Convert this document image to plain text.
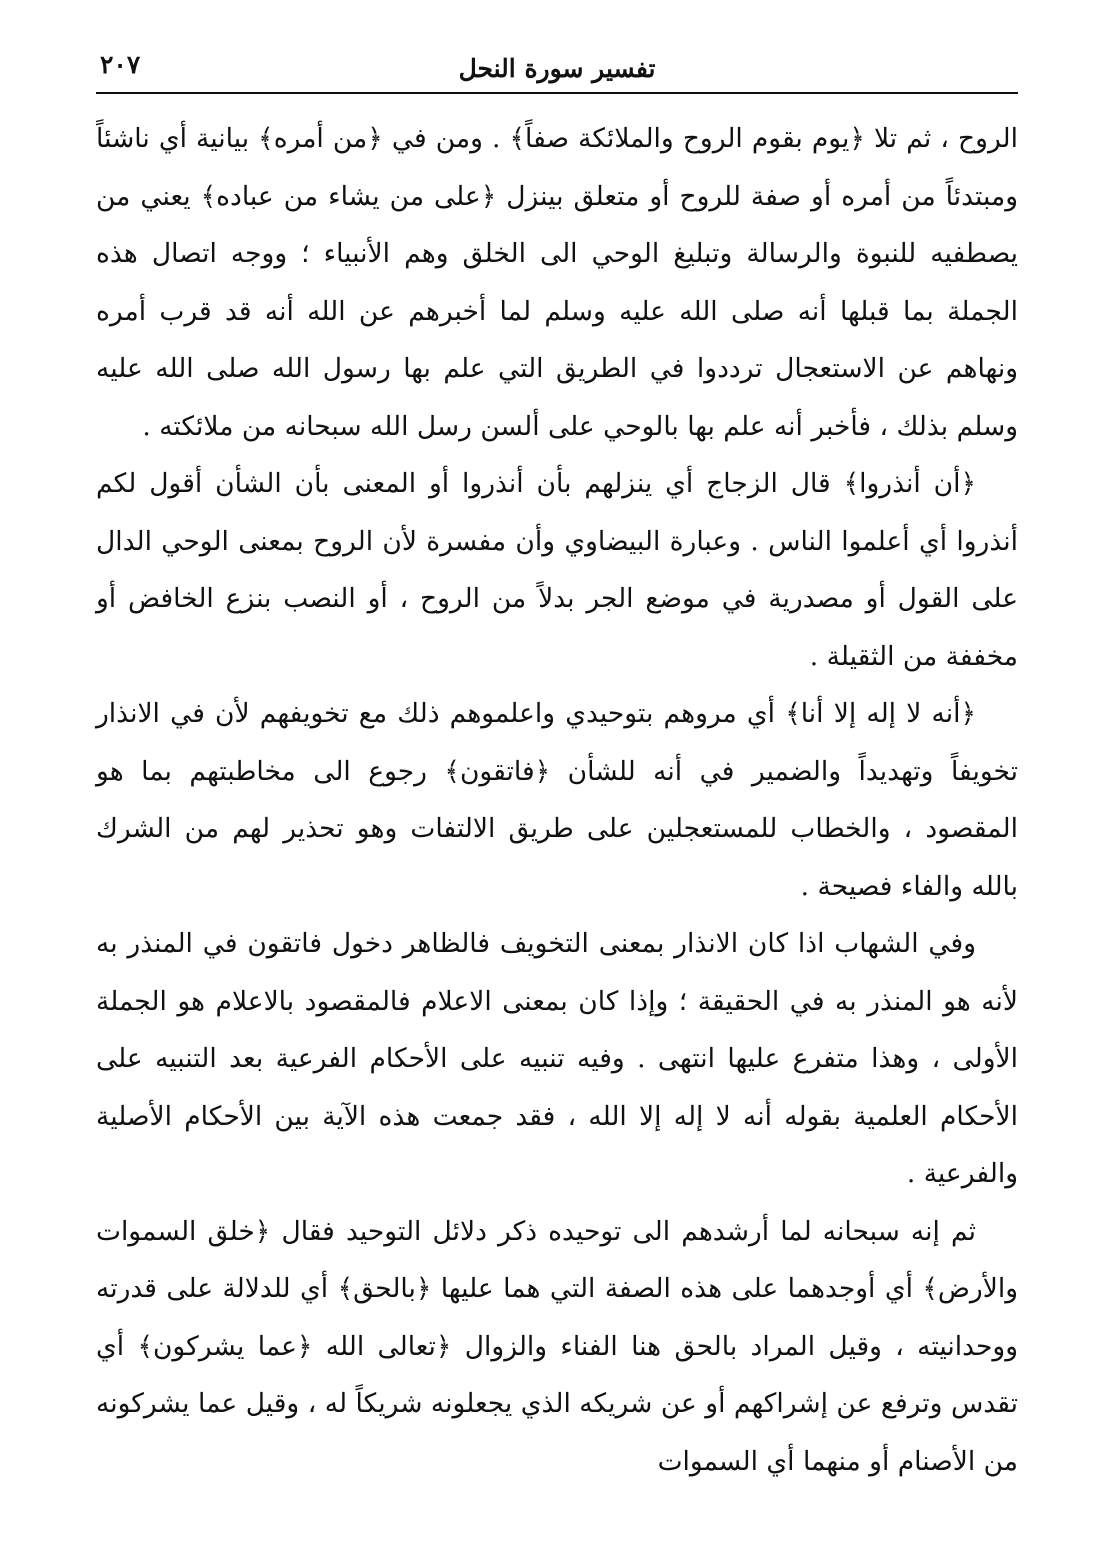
تفسير سورة النحل
٢٠٧

الروح ، ثم تلا ﴿يوم بقوم الروح والملائكة صفاً﴾ . ومن في ﴿من أمره﴾ بيانية أي ناشئاً ومبتدئاً من أمره أو صفة للروح أو متعلق بينزل ﴿على من يشاء من عباده﴾ يعني من يصطفيه للنبوة والرسالة وتبليغ الوحي الى الخلق وهم الأنبياء ؛ ووجه اتصال هذه الجملة بما قبلها أنه صلى الله عليه وسلم لما أخبرهم عن الله أنه قد قرب أمره ونهاهم عن الاستعجال ترددوا في الطريق التي علم بها رسول الله صلى الله عليه وسلم بذلك ، فأخبر أنه علم بها بالوحي على ألسن رسل الله سبحانه من ملائكته .

﴿أن أنذروا﴾ قال الزجاج أي ينزلهم بأن أنذروا أو المعنى بأن الشأن أقول لكم أنذروا أي أعلموا الناس . وعبارة البيضاوي وأن مفسرة لأن الروح بمعنى الوحي الدال على القول أو مصدرية في موضع الجر بدلاً من الروح ، أو النصب بنزع الخافض أو مخففة من الثقيلة .

﴿أنه لا إله إلا أنا﴾ أي مروهم بتوحيدي واعلموهم ذلك مع تخويفهم لأن في الانذار تخويفاً وتهديداً والضمير في أنه للشأن ﴿فاتقون﴾ رجوع الى مخاطبتهم بما هو المقصود ، والخطاب للمستعجلين على طريق الالتفات وهو تحذير لهم من الشرك بالله والفاء فصيحة .

وفي الشهاب اذا كان الانذار بمعنى التخويف فالظاهر دخول فاتقون في المنذر به لأنه هو المنذر به في الحقيقة ؛ وإذا كان بمعنى الاعلام فالمقصود بالاعلام هو الجملة الأولى ، وهذا متفرع عليها انتهى . وفيه تنبيه على الأحكام الفرعية بعد التنبيه على الأحكام العلمية بقوله أنه لا إله إلا الله ، فقد جمعت هذه الآية بين الأحكام الأصلية والفرعية .

ثم إنه سبحانه لما أرشدهم الى توحيده ذكر دلائل التوحيد فقال ﴿خلق السموات والأرض﴾ أي أوجدهما على هذه الصفة التي هما عليها ﴿بالحق﴾ أي للدلالة على قدرته ووحدانيته ، وقيل المراد بالحق هنا الفناء والزوال ﴿تعالى الله ﴿عما يشركون﴾ أي تقدس وترفع عن إشراكهم أو عن شريكه الذي يجعلونه شريكاً له ، وقيل عما يشركونه من الأصنام أو منهما أي السموات
